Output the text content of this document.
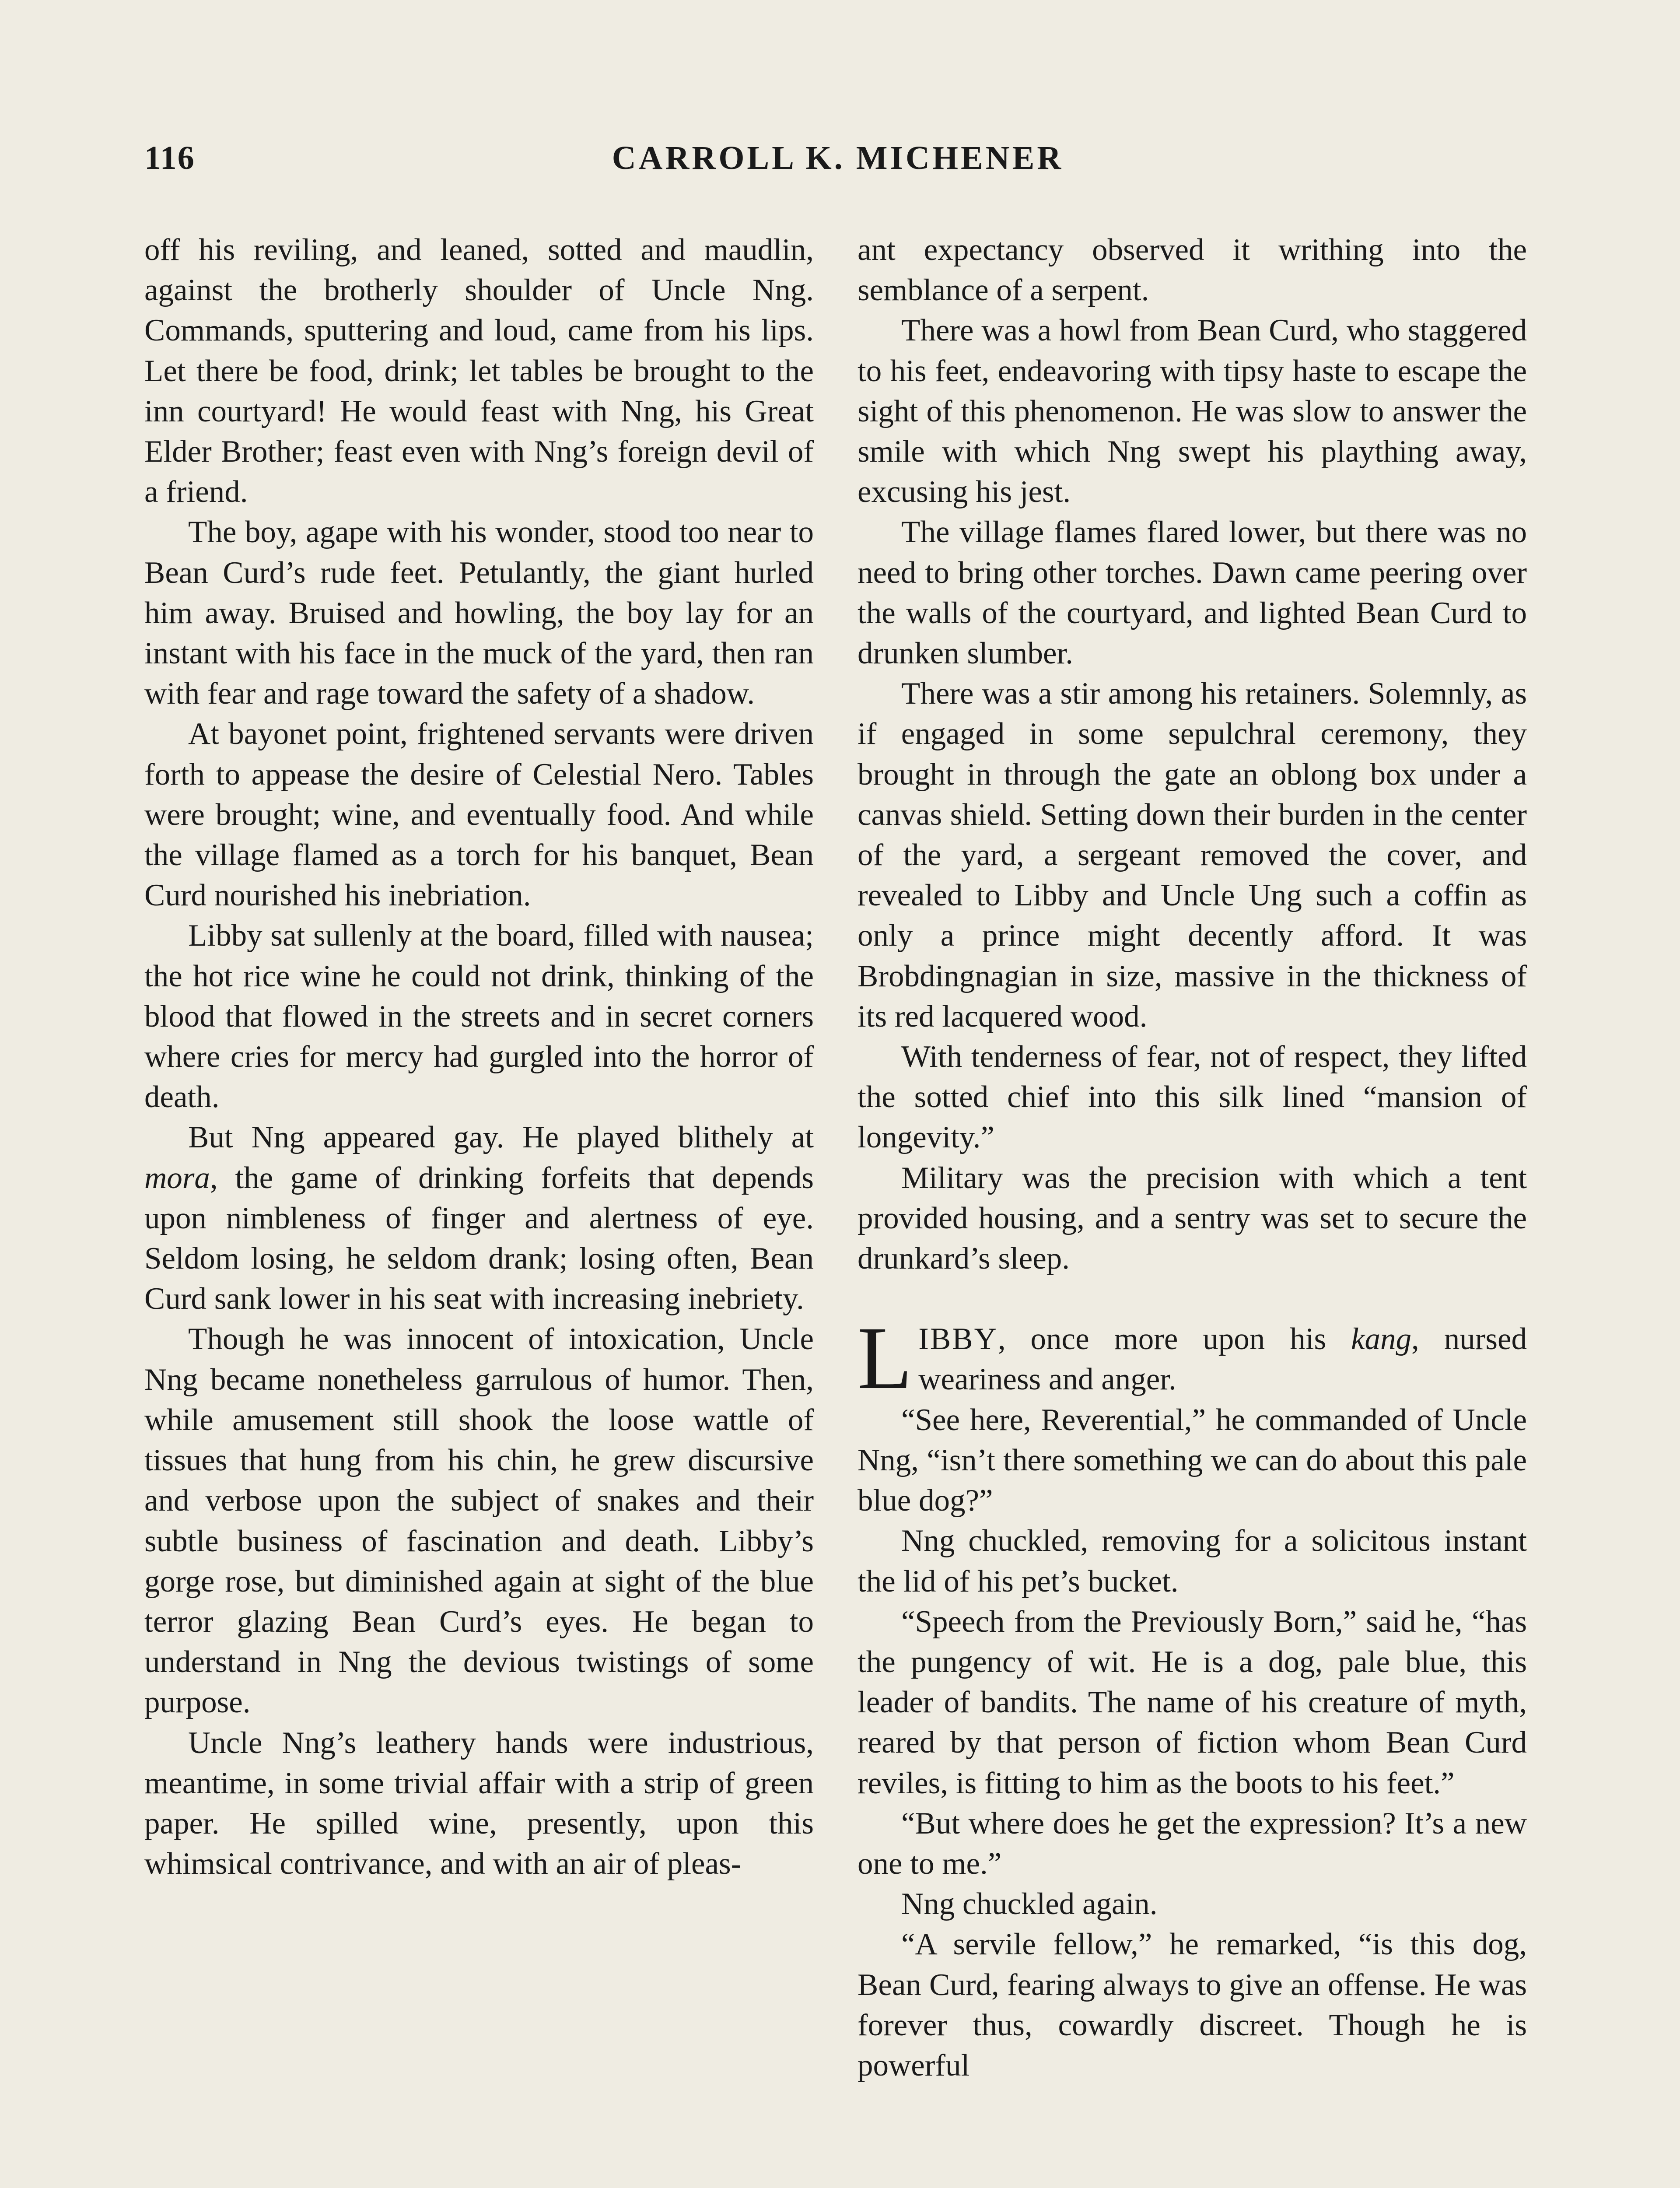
116	CARROLL K. MICHENER

off his reviling, and leaned, sotted and maudlin, against the brotherly shoulder of Uncle Nng. Commands, sputtering and loud, came from his lips. Let there be food, drink; let tables be brought to the inn courtyard! He would feast with Nng, his Great Elder Brother; feast even with Nng’s foreign devil of a friend.

The boy, agape with his wonder, stood too near to Bean Curd’s rude feet. Petulantly, the giant hurled him away. Bruised and howling, the boy lay for an instant with his face in the muck of the yard, then ran with fear and rage toward the safety of a shadow.

At bayonet point, frightened servants were driven forth to appease the desire of Celestial Nero. Tables were brought; wine, and eventually food. And while the village flamed as a torch for his banquet, Bean Curd nourished his inebriation.

Libby sat sullenly at the board, filled with nausea; the hot rice wine he could not drink, thinking of the blood that flowed in the streets and in secret corners where cries for mercy had gurgled into the horror of death.

But Nng appeared gay. He played blithely at mora, the game of drinking forfeits that depends upon nimbleness of finger and alertness of eye. Seldom losing, he seldom drank; losing often, Bean Curd sank lower in his seat with increasing inebriety.

Though he was innocent of intoxication, Uncle Nng became nonetheless garrulous of humor. Then, while amusement still shook the loose wattle of tissues that hung from his chin, he grew discursive and verbose upon the subject of snakes and their subtle business of fascination and death. Libby’s gorge rose, but diminished again at sight of the blue terror glazing Bean Curd’s eyes. He began to understand in Nng the devious twistings of some purpose.

Uncle Nng’s leathery hands were industrious, meantime, in some trivial affair with a strip of green paper. He spilled wine, presently, upon this whimsical contrivance, and with an air of pleas-

ant expectancy observed it writhing into the semblance of a serpent.

There was a howl from Bean Curd, who staggered to his feet, endeavoring with tipsy haste to escape the sight of this phenomenon. He was slow to answer the smile with which Nng swept his plaything away, excusing his jest.

The village flames flared lower, but there was no need to bring other torches. Dawn came peering over the walls of the courtyard, and lighted Bean Curd to drunken slumber.

There was a stir among his retainers. Solemnly, as if engaged in some sepulchral ceremony, they brought in through the gate an oblong box under a canvas shield. Setting down their burden in the center of the yard, a sergeant removed the cover, and revealed to Libby and Uncle Ung such a coffin as only a prince might decently afford. It was Brobdingnagian in size, massive in the thickness of its red lacquered wood.

With tenderness of fear, not of respect, they lifted the sotted chief into this silk lined “mansion of longevity.”

Military was the precision with which a tent provided housing, and a sentry was set to secure the drunkard’s sleep.

LIBBY, once more upon his kang, nursed weariness and anger.

“See here, Reverential,” he commanded of Uncle Nng, “isn’t there something we can do about this pale blue dog?”

Nng chuckled, removing for a solicitous instant the lid of his pet’s bucket.

“Speech from the Previously Born,” said he, “has the pungency of wit. He is a dog, pale blue, this leader of bandits. The name of his creature of myth, reared by that person of fiction whom Bean Curd reviles, is fitting to him as the boots to his feet.”

“But where does he get the expression? It’s a new one to me.”

Nng chuckled again.

“A servile fellow,” he remarked, “is this dog, Bean Curd, fearing always to give an offense. He was forever thus, cowardly discreet. Though he is powerful
